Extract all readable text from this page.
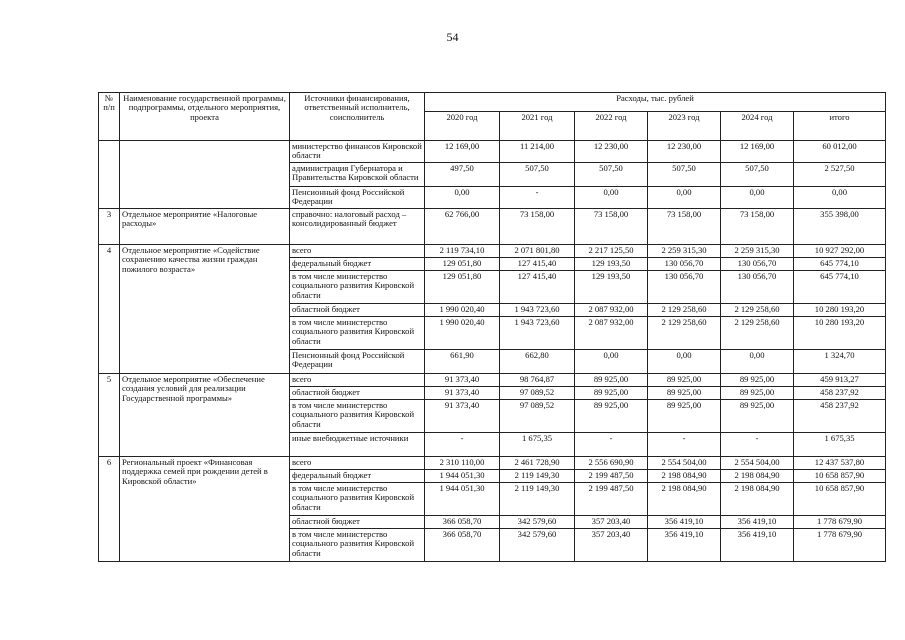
54
№ п/п	Наименование государственной программы, подпрограммы, отдельного мероприятия, проекта	Источники финансирования, ответственный исполнитель, соисполнитель	Расходы, тыс. рублей					
			2020 год	2021 год	2022 год	2023 год	2024 год	итого
		министерство финансов Кировской области	12 169,00	11 214,00	12 230,00	12 230,00	12 169,00	60 012,00
		администрация Губернатора и Правительства Кировской области	497,50	507,50	507,50	507,50	507,50	2 527,50
		Пенсионный фонд Российской Федерации	0,00	-	0,00	0,00	0,00	0,00
3	Отдельное мероприятие «Налоговые расходы»	справочно: налоговый расход – консолидированный бюджет	62 766,00	73 158,00	73 158,00	73 158,00	73 158,00	355 398,00
4	Отдельное мероприятие «Содействие сохранению качества жизни граждан пожилого возраста»	всего	2 119 734,10	2 071 801,80	2 217 125,50	2 259 315,30	2 259 315,30	10 927 292,00
		федеральный бюджет	129 051,80	127 415,40	129 193,50	130 056,70	130 056,70	645 774,10
		в том числе министерство социального развития Кировской области	129 051,80	127 415,40	129 193,50	130 056,70	130 056,70	645 774,10
		областной бюджет	1 990 020,40	1 943 723,60	2 087 932,00	2 129 258,60	2 129 258,60	10 280 193,20
		в том числе министерство социального развития Кировской области	1 990 020,40	1 943 723,60	2 087 932,00	2 129 258,60	2 129 258,60	10 280 193,20
		Пенсионный фонд Российской Федерации	661,90	662,80	0,00	0,00	0,00	1 324,70
5	Отдельное мероприятие «Обеспечение создания условий для реализации Государственной программы»	всего	91 373,40	98 764,87	89 925,00	89 925,00	89 925,00	459 913,27
		областной бюджет	91 373,40	97 089,52	89 925,00	89 925,00	89 925,00	458 237,92
		в том числе министерство социального развития Кировской области	91 373,40	97 089,52	89 925,00	89 925,00	89 925,00	458 237,92
		иные внебюджетные источники	-	1 675,35	-	-	-	1 675,35
6	Региональный проект «Финансовая поддержка семей при рождении детей в Кировской области»	всего	2 310 110,00	2 461 728,90	2 556 690,90	2 554 504,00	2 554 504,00	12 437 537,80
		федеральный бюджет	1 944 051,30	2 119 149,30	2 199 487,50	2 198 084,90	2 198 084,90	10 658 857,90
		в том числе министерство социального развития Кировской области	1 944 051,30	2 119 149,30	2 199 487,50	2 198 084,90	2 198 084,90	10 658 857,90
		областной бюджет	366 058,70	342 579,60	357 203,40	356 419,10	356 419,10	1 778 679,90
		в том числе министерство социального развития Кировской области	366 058,70	342 579,60	357 203,40	356 419,10	356 419,10	1 778 679,90
